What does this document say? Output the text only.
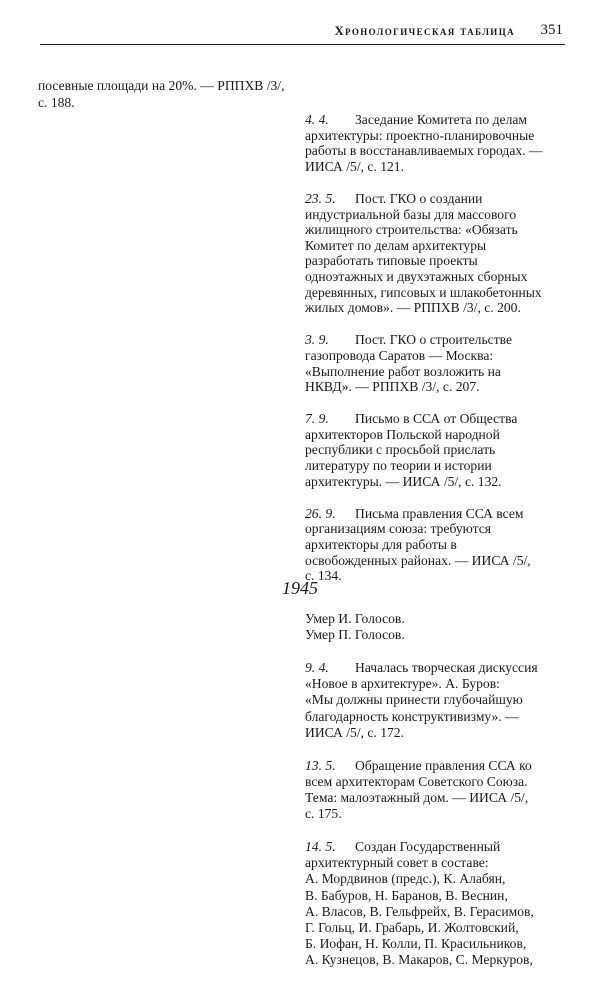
Хронологическая таблица 351
посевные площади на 20%. — РППХВ /3/,
с. 188.
4. 4. Заседание Комитета по делам
архитектуры: проектно-планировочные
работы в восстанавливаемых городах. —
ИИСА /5/, с. 121.
23. 5. Пост. ГКО о создании
индустриальной базы для массового
жилищного строительства: «Обязать
Комитет по делам архитектуры
разработать типовые проекты
одноэтажных и двухэтажных сборных
деревянных, гипсовых и шлакобетонных
жилых домов». — РППХВ /3/, с. 200.
3. 9. Пост. ГКО о строительстве
газопровода Саратов — Москва:
«Выполнение работ возложить на
НКВД». — РППХВ /3/, с. 207.
7. 9. Письмо в ССА от Общества
архитекторов Польской народной
республики с просьбой прислать
литературу по теории и истории
архитектуры. — ИИСА /5/, с. 132.
26. 9. Письма правления ССА всем
организациям союза: требуются
архитекторы для работы в
освобожденных районах. — ИИСА /5/,
с. 134.
1945
Умер И. Голосов.
Умер П. Голосов.
9. 4. Началась творческая дискуссия
«Новое в архитектуре». А. Буров:
«Мы должны принести глубочайшую
благодарность конструктивизму». —
ИИСА /5/, с. 172.
13. 5. Обращение правления ССА ко
всем архитекторам Советского Союза.
Тема: малоэтажный дом. — ИИСА /5/,
с. 175.
14. 5. Создан Государственный
архитектурный совет в составе:
А. Мордвинов (предс.), К. Алабян,
В. Бабуров, Н. Баранов, В. Веснин,
А. Власов, В. Гельфрейх, В. Герасимов,
Г. Гольц, И. Грабарь, И. Жолтовский,
Б. Иофан, Н. Колли, П. Красильников,
А. Кузнецов, В. Макаров, С. Меркуров,
